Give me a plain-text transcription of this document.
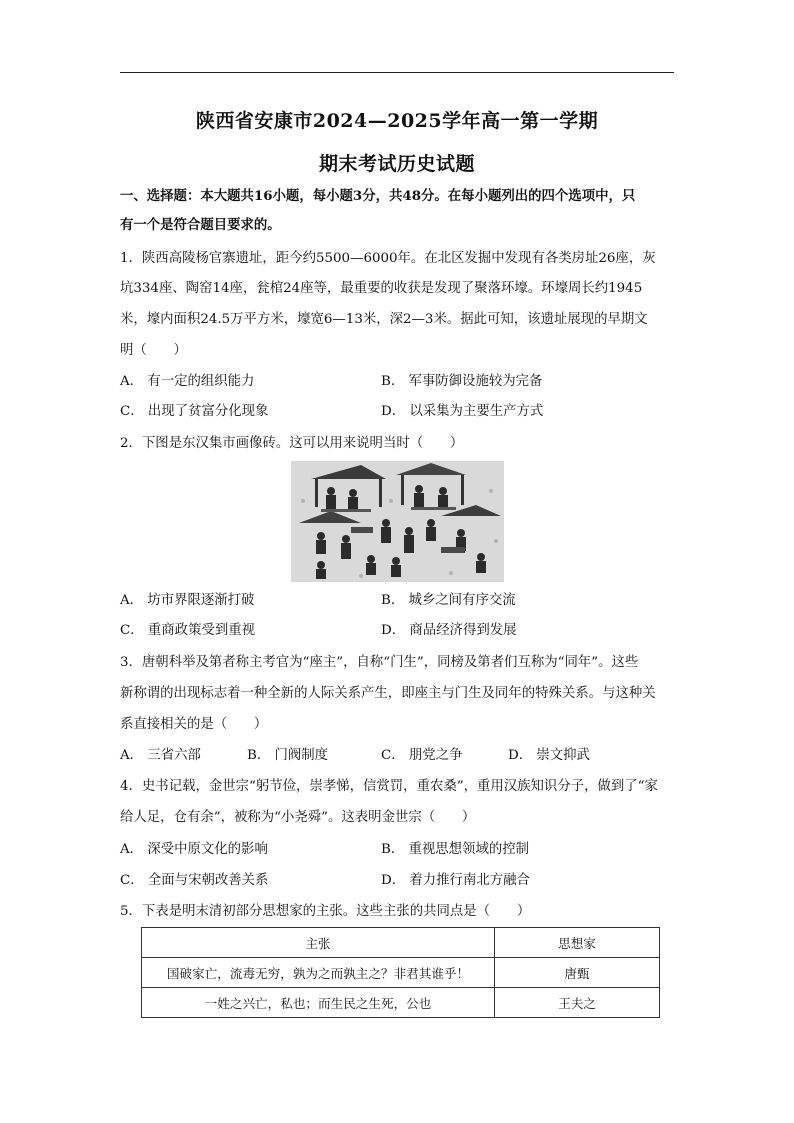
陕西省安康市2024—2025学年高一第一学期
期末考试历史试题
一、选择题：本大题共16小题，每小题3分，共48分。在每小题列出的四个选项中，只
有一个是符合题目要求的。
1．陕西高陵杨官寨遗址，距今约5500—6000年。在北区发掘中发现有各类房址26座，灰
坑334座、陶窑14座，瓮棺24座等，最重要的收获是发现了聚落环壕。环壕周长约1945
米，壕内面积24.5万平方米，壕宽6—13米，深2—3米。据此可知，该遗址展现的早期文
明（　　）
A． 有一定的组织能力	B． 军事防御设施较为完备
C． 出现了贫富分化现象	D． 以采集为主要生产方式
2．下图是东汉集市画像砖。这可以用来说明当时（　　）
A． 坊市界限逐渐打破	B． 城乡之间有序交流
C． 重商政策受到重视	D． 商品经济得到发展
3．唐朝科举及第者称主考官为“座主”，自称“门生”，同榜及第者们互称为“同年”。这些
新称谓的出现标志着一种全新的人际关系产生，即座主与门生及同年的特殊关系。与这种关
系直接相关的是（　　）
A． 三省六部	B． 门阀制度	C． 朋党之争	D． 崇文抑武
4．史书记载，金世宗“躬节俭，崇孝悌，信赏罚，重农桑”，重用汉族知识分子，做到了“家
给人足，仓有余”，被称为“小尧舜”。这表明金世宗（　　）
A． 深受中原文化的影响	B． 重视思想领域的控制
C． 全面与宋朝改善关系	D． 着力推行南北方融合
5．下表是明末清初部分思想家的主张。这些主张的共同点是（　　）
主张	思想家
国破家亡，流毒无穷，孰为之而孰主之？非君其谁乎！	唐甄
一姓之兴亡，私也；而生民之生死，公也	王夫之
